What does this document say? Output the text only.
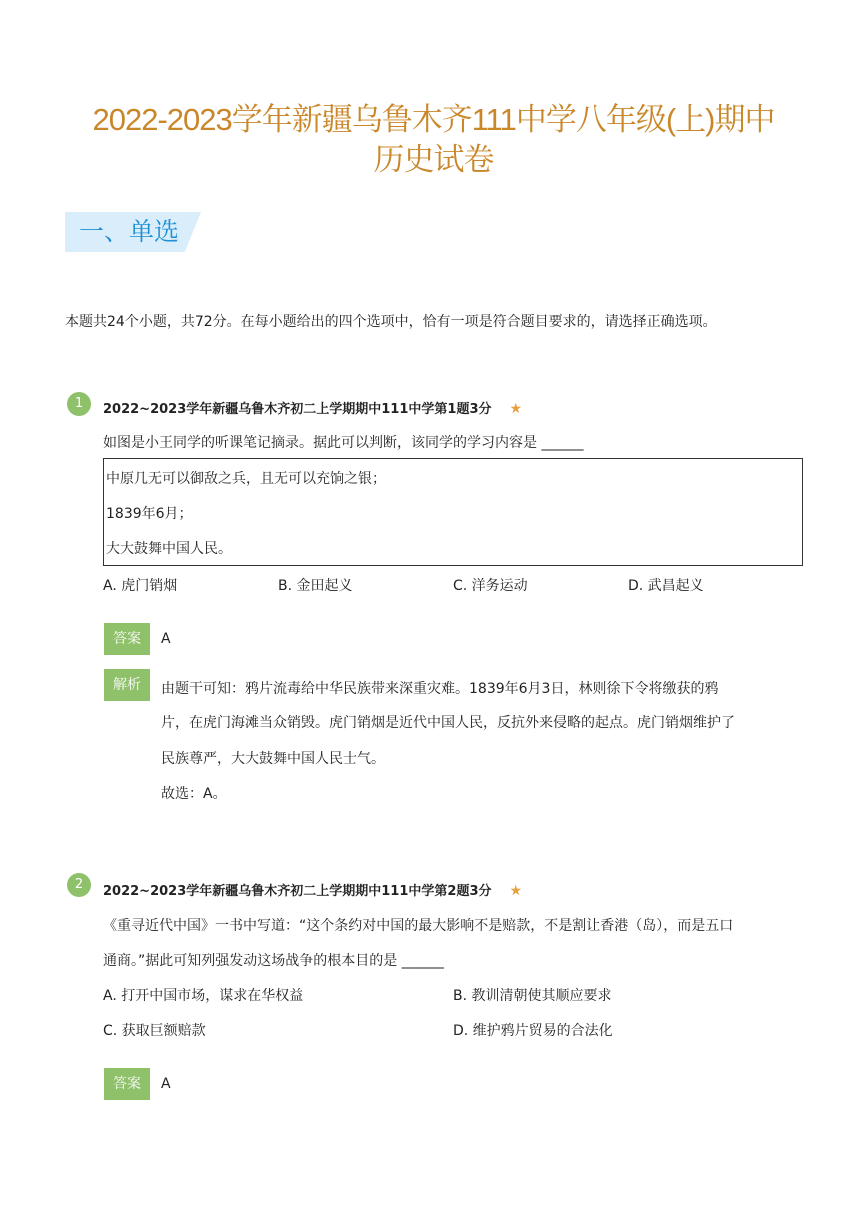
2022-2023学年新疆乌鲁木齐111中学八年级(上)期中
历史试卷
一、单选
本题共24个小题，共72分。在每小题给出的四个选项中，恰有一项是符合题目要求的，请选择正确选项。
1	2022~2023学年新疆乌鲁木齐初二上学期期中111中学第1题3分 ★
如图是小王同学的听课笔记摘录。据此可以判断，该同学的学习内容是 ______
中原几无可以御敌之兵，且无可以充饷之银；
1839年6月；
大大鼓舞中国人民。
A. 虎门销烟	B. 金田起义	C. 洋务运动	D. 武昌起义
答案	A
解析	由题干可知：鸦片流毒给中华民族带来深重灾难。1839年6月3日，林则徐下令将缴获的鸦
片，在虎门海滩当众销毁。虎门销烟是近代中国人民，反抗外来侵略的起点。虎门销烟维护了
民族尊严，大大鼓舞中国人民士气。
故选：A。
2	2022~2023学年新疆乌鲁木齐初二上学期期中111中学第2题3分 ★
《重寻近代中国》一书中写道：“这个条约对中国的最大影响不是赔款，不是割让香港（岛），而是五口
通商。”据此可知列强发动这场战争的根本目的是 ______
A. 打开中国市场，谋求在华权益	B. 教训清朝使其顺应要求
C. 获取巨额赔款	D. 维护鸦片贸易的合法化
答案	A
